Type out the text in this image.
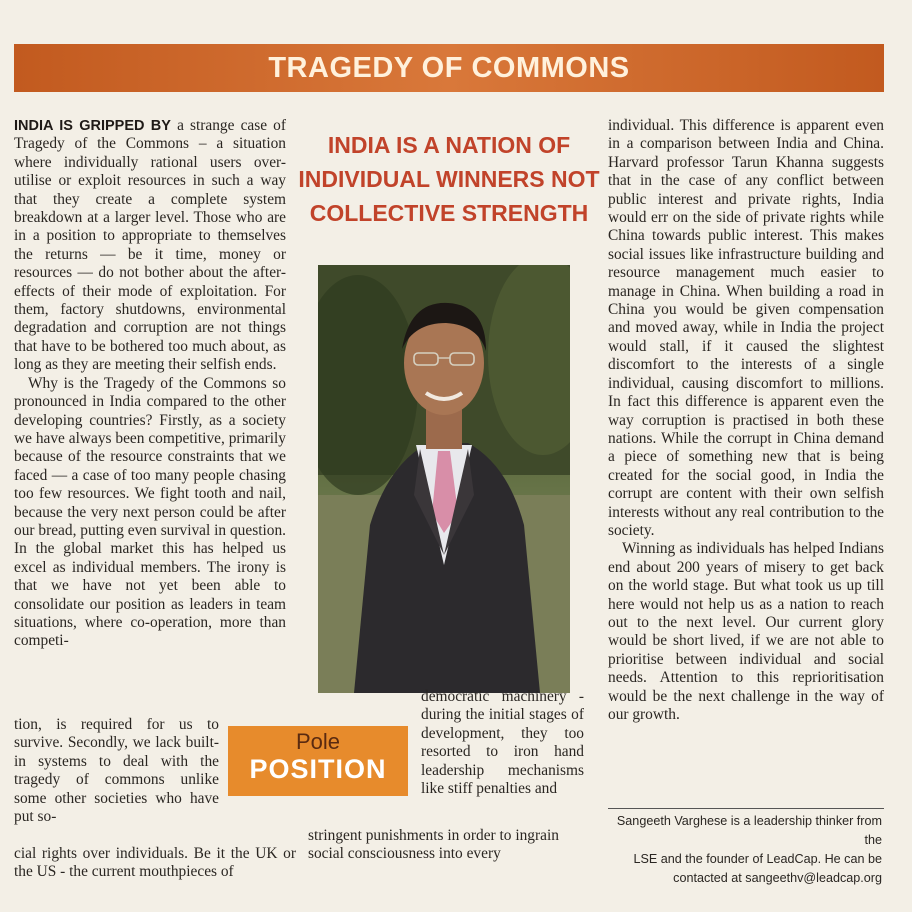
TRAGEDY OF COMMONS

INDIA IS GRIPPED BY a strange case of Tragedy of the Commons – a situation where individually rational users over-utilise or exploit resources in such a way that they create a complete system breakdown at a larger level. Those who are in a position to appropriate to themselves the returns — be it time, money or resources — do not bother about the after-effects of their mode of exploitation. For them, factory shutdowns, environmental degradation and corruption are not things that have to be bothered too much about, as long as they are meeting their selfish ends.

Why is the Tragedy of the Commons so pronounced in India compared to the other developing countries? Firstly, as a society we have always been competitive, primarily because of the resource constraints that we faced — a case of too many people chasing too few resources. We fight tooth and nail, because the very next person could be after our bread, putting even survival in question. In the global market this has helped us excel as individual members. The irony is that we have not yet been able to consolidate our position as leaders in team situations, where co-operation, more than competi-

tion, is required for us to survive. Secondly, we lack built-in systems to deal with the tragedy of commons unlike some other societies who have put so-

cial rights over individuals. Be it the UK or the US - the current mouthpieces of
INDIA IS A NATION OF INDIVIDUAL WINNERS NOT COLLECTIVE STRENGTH

democratic machinery - during the initial stages of development, they too resorted to iron hand leadership mechanisms like stiff penalties and

stringent punishments in order to ingrain social consciousness into every
Pole
POSITION

individual. This difference is apparent even in a comparison between India and China. Harvard professor Tarun Khanna suggests that in the case of any conflict between public interest and private rights, India would err on the side of private rights while China towards public interest. This makes social issues like infrastructure building and resource management much easier to manage in China. When building a road in China you would be given compensation and moved away, while in India the project would stall, if it caused the slightest discomfort to the interests of a single individual, causing discomfort to millions. In fact this difference is apparent even the way corruption is practised in both these nations. While the corrupt in China demand a piece of something new that is being created for the social good, in India the corrupt are content with their own selfish interests without any real contribution to the society.

Winning as individuals has helped Indians end about 200 years of misery to get back on the world stage. But what took us up till here would not help us as a nation to reach out to the next level. Our current glory would be short lived, if we are not able to prioritise between individual and social needs. Attention to this reprioritisation would be the next challenge in the way of our growth.

Sangeeth Varghese is a leadership thinker from the
LSE and the founder of LeadCap. He can be
contacted at sangeethv@leadcap.org
